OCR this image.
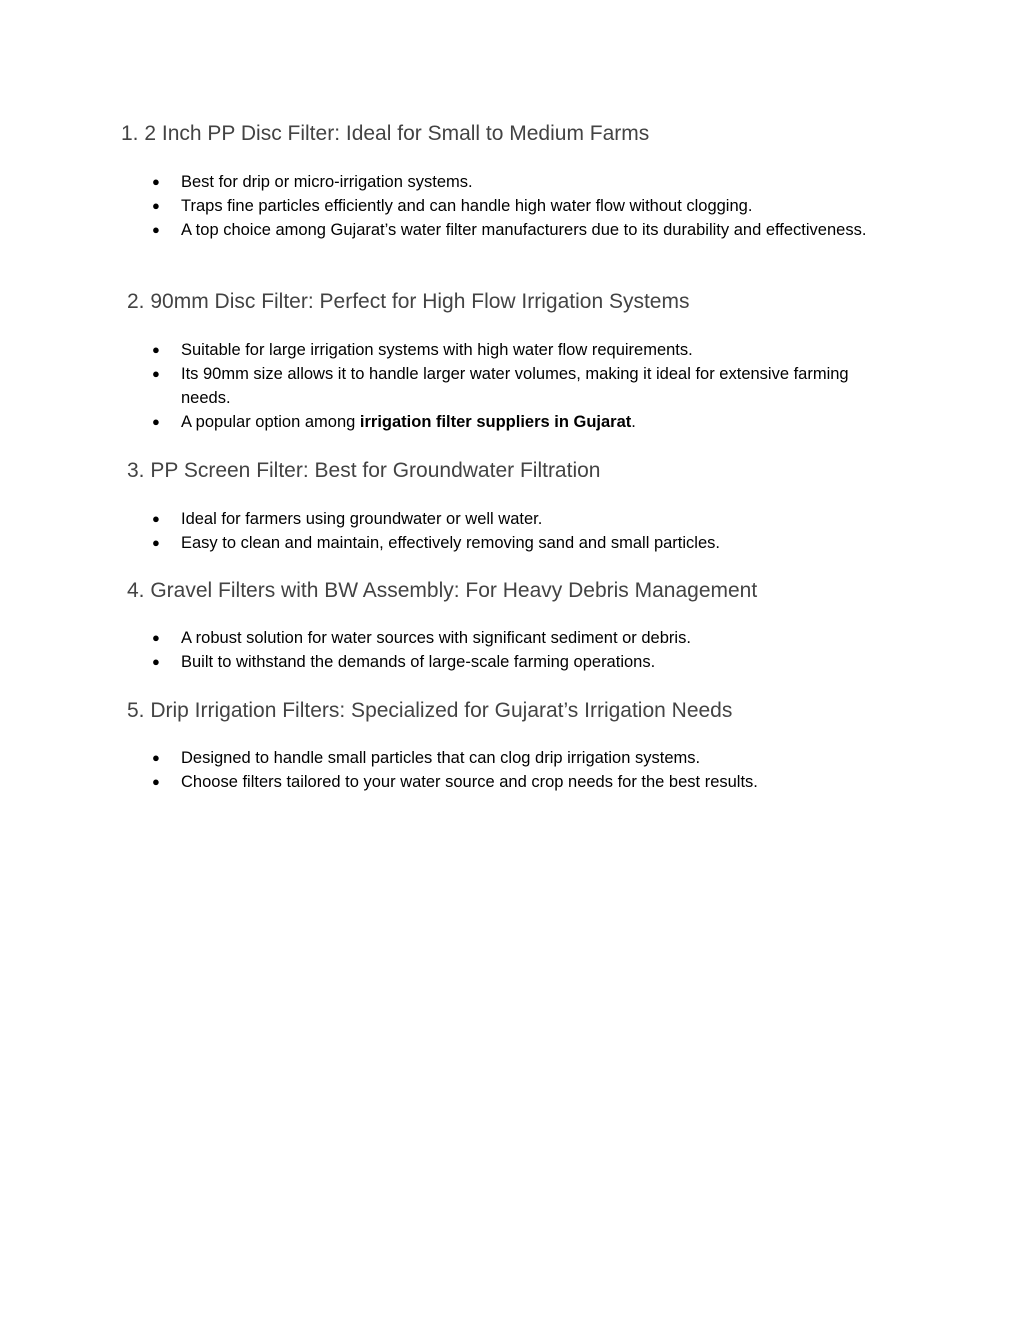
1. 2 Inch PP Disc Filter: Ideal for Small to Medium Farms
● Best for drip or micro-irrigation systems.
● Traps fine particles efficiently and can handle high water flow without clogging.
● A top choice among Gujarat’s water filter manufacturers due to its durability and effectiveness.
2. 90mm Disc Filter: Perfect for High Flow Irrigation Systems
● Suitable for large irrigation systems with high water flow requirements.
● Its 90mm size allows it to handle larger water volumes, making it ideal for extensive farming needs.
● A popular option among irrigation filter suppliers in Gujarat.
3. PP Screen Filter: Best for Groundwater Filtration
● Ideal for farmers using groundwater or well water.
● Easy to clean and maintain, effectively removing sand and small particles.
4. Gravel Filters with BW Assembly: For Heavy Debris Management
● A robust solution for water sources with significant sediment or debris.
● Built to withstand the demands of large-scale farming operations.
5. Drip Irrigation Filters: Specialized for Gujarat’s Irrigation Needs
● Designed to handle small particles that can clog drip irrigation systems.
● Choose filters tailored to your water source and crop needs for the best results.
